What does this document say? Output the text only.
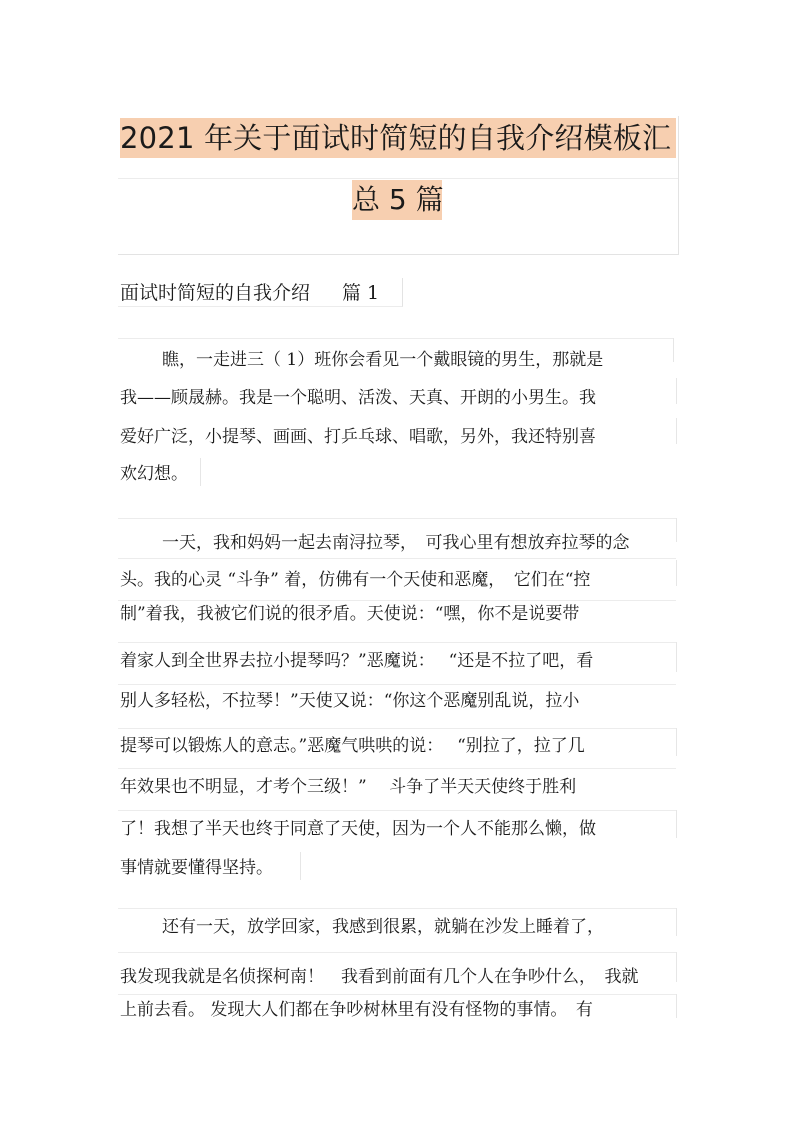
2021 年关于面试时简短的自我介绍模板汇
总 5 篇
面试时简短的自我介绍 篇 1
瞧，一走进三（ 1）班你会看见一个戴眼镜的男生，那就是
我——顾晟赫。我是一个聪明、活泼、天真、开朗的小男生。我
爱好广泛，小提琴、画画、打乒乓球、唱歌，另外，我还特别喜
欢幻想。
一天，我和妈妈一起去南浔拉琴，　可我心里有想放弃拉琴的念
头。我的心灵 “斗争” 着，仿佛有一个天使和恶魔，　它们在“控
制”着我，我被它们说的很矛盾。天使说：“嘿，你不是说要带
着家人到全世界去拉小提琴吗？”恶魔说：　 “还是不拉了吧，看
别人多轻松，不拉琴！”天使又说：“你这个恶魔别乱说，拉小
提琴可以锻炼人的意志。”恶魔气哄哄的说：　 “别拉了，拉了几
年效果也不明显，才考个三级！”　 斗争了半天天使终于胜利
了！我想了半天也终于同意了天使，因为一个人不能那么懒，做
事情就要懂得坚持。
还有一天，放学回家，我感到很累，就躺在沙发上睡着了，
我发现我就是名侦探柯南！　我看到前面有几个人在争吵什么，　我就
上前去看。 发现大人们都在争吵树林里有没有怪物的事情。　有
